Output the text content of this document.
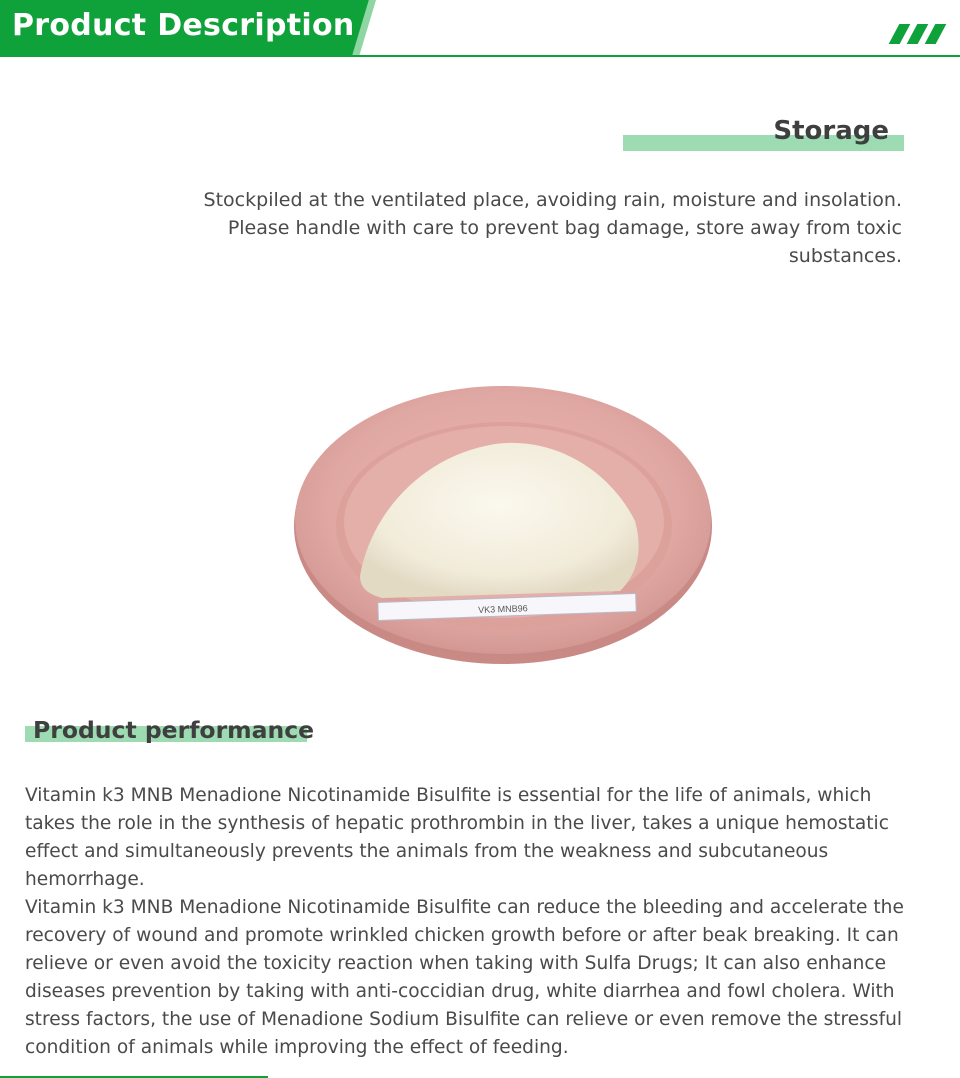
Product Description
Storage
Stockpiled at the ventilated place, avoiding rain, moisture and insolation. Please handle with care to prevent bag damage, store away from toxic substances.
VK3 MNB96
Product performance

Vitamin k3 MNB Menadione Nicotinamide Bisulfite is essential for the life of animals, which takes the role in the synthesis of hepatic prothrombin in the liver, takes a unique hemostatic effect and simultaneously prevents the animals from the weakness and subcutaneous hemorrhage.

Vitamin k3 MNB Menadione Nicotinamide Bisulfite can reduce the bleeding and accelerate the recovery of wound and promote wrinkled chicken growth before or after beak breaking. It can relieve or even avoid the toxicity reaction when taking with Sulfa Drugs; It can also enhance diseases prevention by taking with anti-coccidian drug, white diarrhea and fowl cholera. With stress factors, the use of Menadione Sodium Bisulfite can relieve or even remove the stressful condition of animals while improving the effect of feeding.
